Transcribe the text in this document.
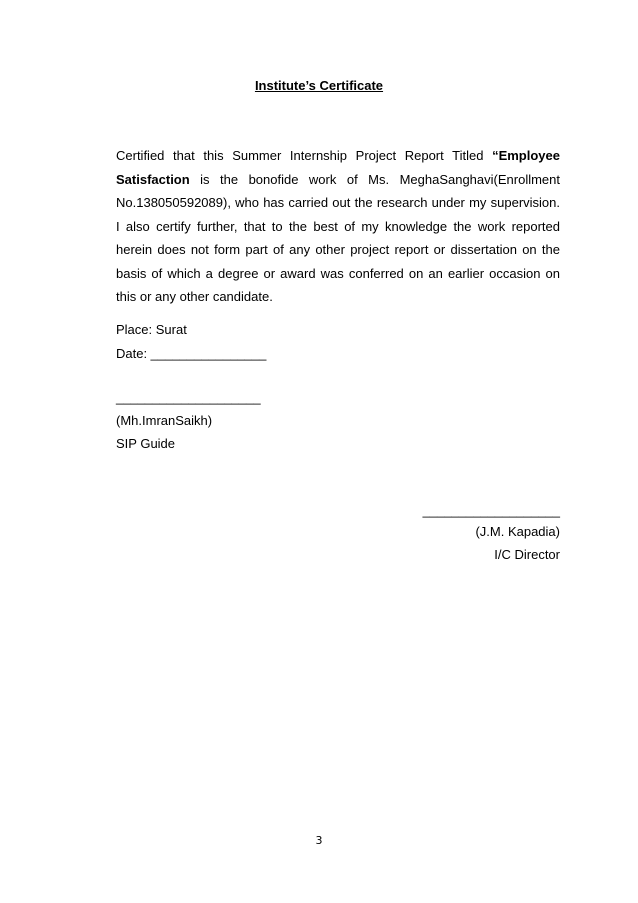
Institute’s Certificate

Certified that this Summer Internship Project Report Titled “Employee Satisfaction is the bonofide work of Ms. MeghaSanghavi(Enrollment No.138050592089), who has carried out the research under my supervision. I also certify further, that to the best of my knowledge the work reported herein does not form part of any other project report or dissertation on the basis of which a degree or award was conferred on an earlier occasion on this or any other candidate.

Place: Surat
Date: ________________
____________________
(Mh.ImranSaikh)
SIP Guide
___________________
(J.M. Kapadia)
I/C Director
3
